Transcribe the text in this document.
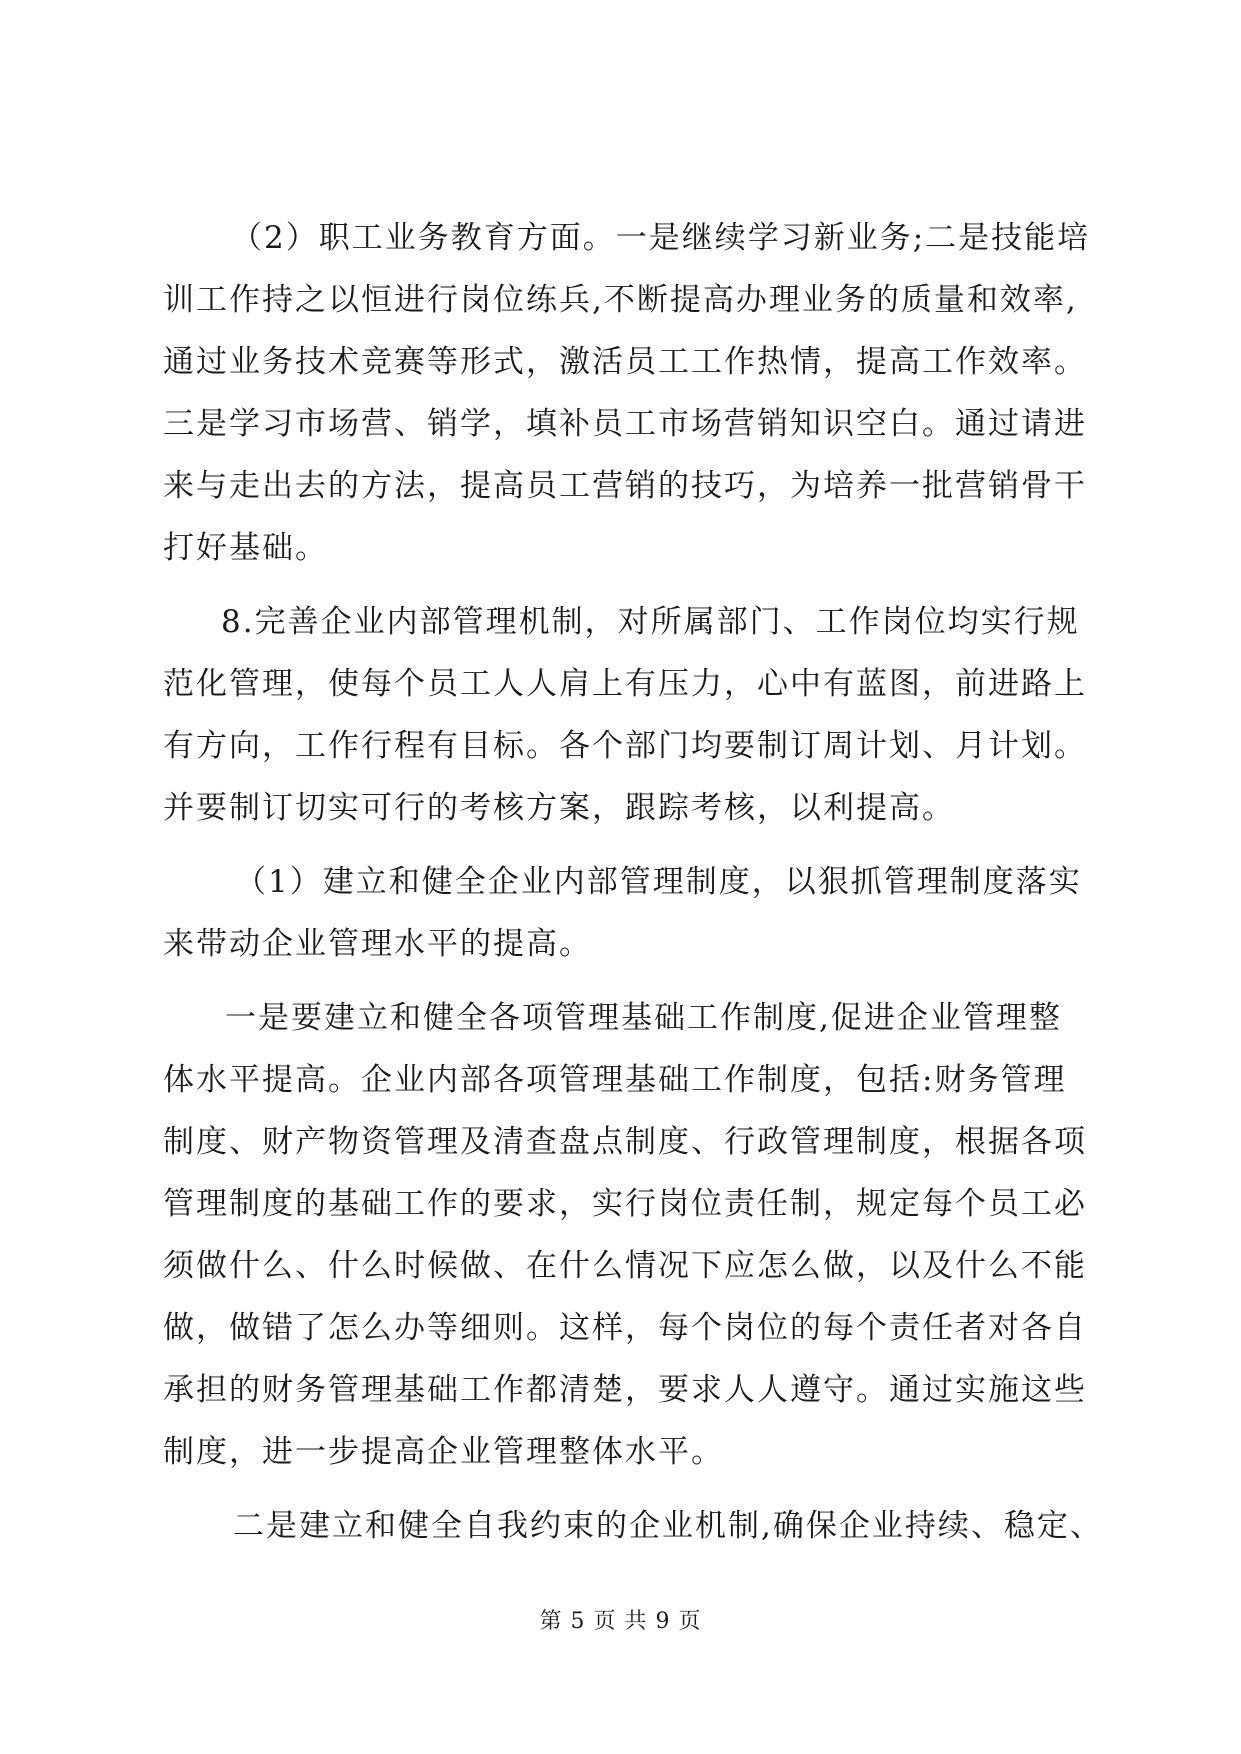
（2）职工业务教育方面。一是继续学习新业务;二是技能培
训工作持之以恒进行岗位练兵,不断提高办理业务的质量和效率,
通过业务技术竞赛等形式，激活员工工作热情，提高工作效率。
三是学习市场营、销学，填补员工市场营销知识空白。通过请进
来与走出去的方法，提高员工营销的技巧，为培养一批营销骨干
打好基础。
8.完善企业内部管理机制，对所属部门、工作岗位均实行规
范化管理，使每个员工人人肩上有压力，心中有蓝图，前进路上
有方向，工作行程有目标。各个部门均要制订周计划、月计划。
并要制订切实可行的考核方案，跟踪考核，以利提高。
（1）建立和健全企业内部管理制度，以狠抓管理制度落实
来带动企业管理水平的提高。
一是要建立和健全各项管理基础工作制度,促进企业管理整
体水平提高。企业内部各项管理基础工作制度，包括:财务管理
制度、财产物资管理及清查盘点制度、行政管理制度，根据各项
管理制度的基础工作的要求，实行岗位责任制，规定每个员工必
须做什么、什么时候做、在什么情况下应怎么做，以及什么不能
做，做错了怎么办等细则。这样，每个岗位的每个责任者对各自
承担的财务管理基础工作都清楚，要求人人遵守。通过实施这些
制度，进一步提高企业管理整体水平。
二是建立和健全自我约束的企业机制,确保企业持续、稳定、
第 5 页 共 9 页
